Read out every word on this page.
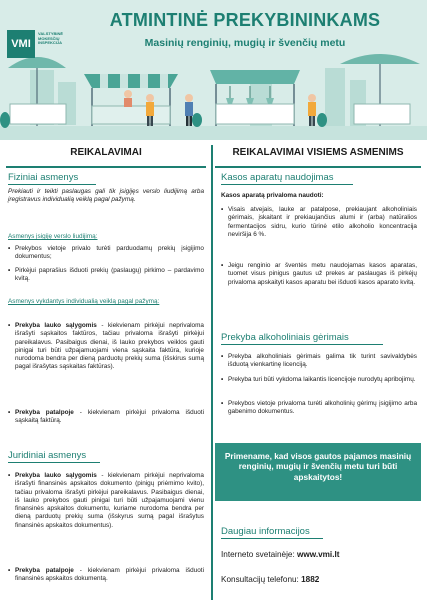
VMI
VALSTYBINĖ MOKESČIŲ INSPEKCIJA
ATMINTINĖ PREKYBININKAMS
Masinių renginių, mugių ir švenčių metu
REIKALAVIMAI	REIKALAVIMAI VISIEMS ASMENIMS
Fiziniai asmenys
Prekiauti ir teikti paslaugas gali tik įsigijęs verslo liudijimą arba įregistravus individualią veiklą pagal pažymą.
Asmenys įsigiję verslo liudijimą:
• Prekybos vietoje privalo turėti parduodamų prekių įsigijimo dokumentus;
• Pirkėjui paprašius išduoti prekių (paslaugų) pirkimo – pardavimo kvitą.
Asmenys vykdantys individualią veiklą pagal pažymą:
• Prekyba lauko sąlygomis - kiekvienam pirkėjui neprivaloma išrašyti sąskaitos faktūros, tačiau privaloma išrašyti pirkėjui pareikalavus. Pasibaigus dienai, iš lauko prekybos veiklos gauti pinigai turi būti užpajamuojami viena sąskaita faktūra, kurioje nurodoma bendra per dieną parduotų prekių suma (išskirus sumą pagal išrašytas sąskaitas faktūras).
• Prekyba patalpoje - kiekvienam pirkėjui privaloma išduoti sąskaitą faktūrą.
Juridiniai asmenys
• Prekyba lauko sąlygomis - kiekvienam pirkėjui neprivaloma išrašyti finansinės apskaitos dokumento (pinigų priėmimo kvito), tačiau privaloma išrašyti pirkėjui pareikalavus. Pasibaigus dienai, iš lauko prekybos gauti pinigai turi būti užpajamuojami vienu finansinės apskaitos dokumentu, kuriame nurodoma bendra per dieną parduotų prekių suma (išskyrus sumą pagal išrašytus finansinės apskaitos dokumentus).
• Prekyba patalpoje - kiekvienam pirkėjui privaloma išduoti finansinės apskaitos dokumentą.
Kasos aparatų naudojimas
Kasos aparatą privaloma naudoti:
• Visais atvejais, lauke ar patalpose, prekiaujant alkoholiniais gėrimais, įskaitant ir prekiaujančius alumi ir (arba) natūralios fermentacijos sidru, kurio tūrinė etilo alkoholio koncentracija neviršija 6 %.
• Jeigu renginio ar šventės metu naudojamas kasos aparatas, tuomet visus pinigus gautus už prekes ar paslaugas iš pirkėjų privaloma apskaityti kasos aparatu bei išduoti kasos aparato kvitą.
Prekyba alkoholiniais gėrimais
• Prekyba alkoholiniais gėrimais galima tik turint savivaldybės išduotą vienkartinę licenciją.
• Prekyba turi būti vykdoma laikantis licencijoje nurodytų apribojimų.
• Prekybos vietoje privaloma turėti alkoholinių gėrimų įsigijimo arba gabenimo dokumentus.
Primename, kad visos gautos pajamos masinių renginių, mugių ir švenčių metu turi būti apskaitytos!
Daugiau informacijos
Interneto svetainėje: www.vmi.lt
Konsultacijų telefonu: 1882
